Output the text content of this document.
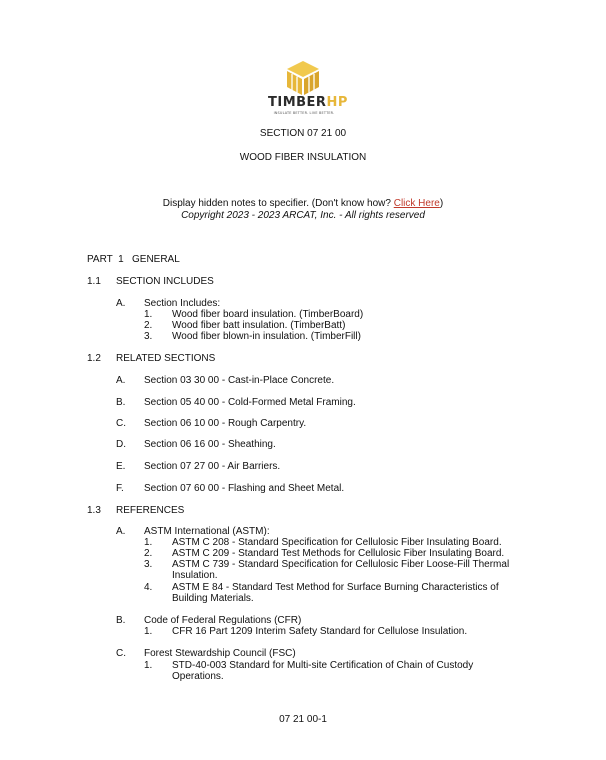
TIMBERHP
INSULATE BETTER. LIVE BETTER.
SECTION 07 21 00
WOOD FIBER INSULATION
Display hidden notes to specifier. (Don't know how? Click Here)
Copyright 2023 - 2023 ARCAT, Inc. - All rights reserved
PART  1 GENERAL
1.1 SECTION INCLUDES
A. Section Includes:
1. Wood fiber board insulation. (TimberBoard)
2. Wood fiber batt insulation. (TimberBatt)
3. Wood fiber blown-in insulation. (TimberFill)
1.2 RELATED SECTIONS
A. Section 03 30 00 - Cast-in-Place Concrete.
B. Section 05 40 00 - Cold-Formed Metal Framing.
C. Section 06 10 00 - Rough Carpentry.
D. Section 06 16 00 - Sheathing.
E. Section 07 27 00 - Air Barriers.
F. Section 07 60 00 - Flashing and Sheet Metal.
1.3 REFERENCES
A. ASTM International (ASTM):
1. ASTM C 208 - Standard Specification for Cellulosic Fiber Insulating Board.
2. ASTM C 209 - Standard Test Methods for Cellulosic Fiber Insulating Board.
3. ASTM C 739 - Standard Specification for Cellulosic Fiber Loose-Fill Thermal
Insulation.
4. ASTM E 84 - Standard Test Method for Surface Burning Characteristics of
Building Materials.
B. Code of Federal Regulations (CFR)
1. CFR 16 Part 1209 Interim Safety Standard for Cellulose Insulation.
C. Forest Stewardship Council (FSC)
1. STD-40-003 Standard for Multi-site Certification of Chain of Custody
Operations.
07 21 00-1
